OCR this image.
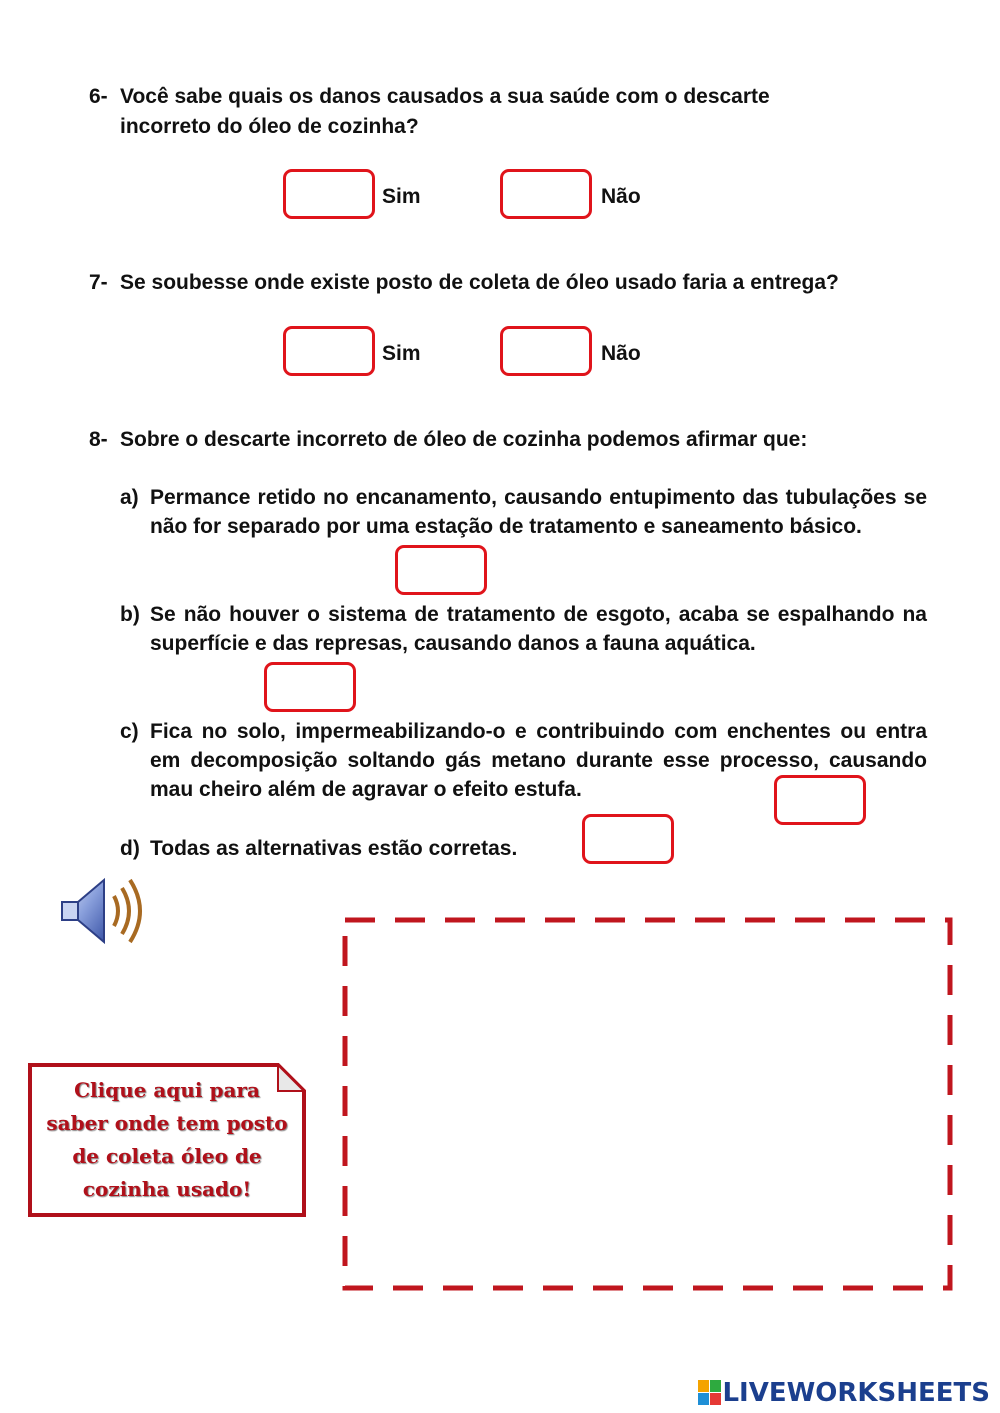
6- Você sabe quais os danos causados a sua saúde com o descarte
incorreto do óleo de cozinha?
Sim	Não
7- Se soubesse onde existe posto de coleta de óleo usado faria a entrega?
Sim	Não
8- Sobre o descarte incorreto de óleo de cozinha podemos afirmar que:
a) Permance retido no encanamento, causando entupimento das tubulações se não for separado por uma estação de tratamento e saneamento básico.
b) Se não houver o sistema de tratamento de esgoto, acaba se espalhando na superfície e das represas, causando danos a fauna aquática.
c) Fica no solo, impermeabilizando-o e contribuindo com enchentes ou entra em decomposição soltando gás metano durante esse processo, causando mau cheiro além de agravar o efeito estufa.
d) Todas as alternativas estão corretas.
Clique aqui para
saber onde tem posto
de coleta óleo de
cozinha usado!
LIVEWORKSHEETS
